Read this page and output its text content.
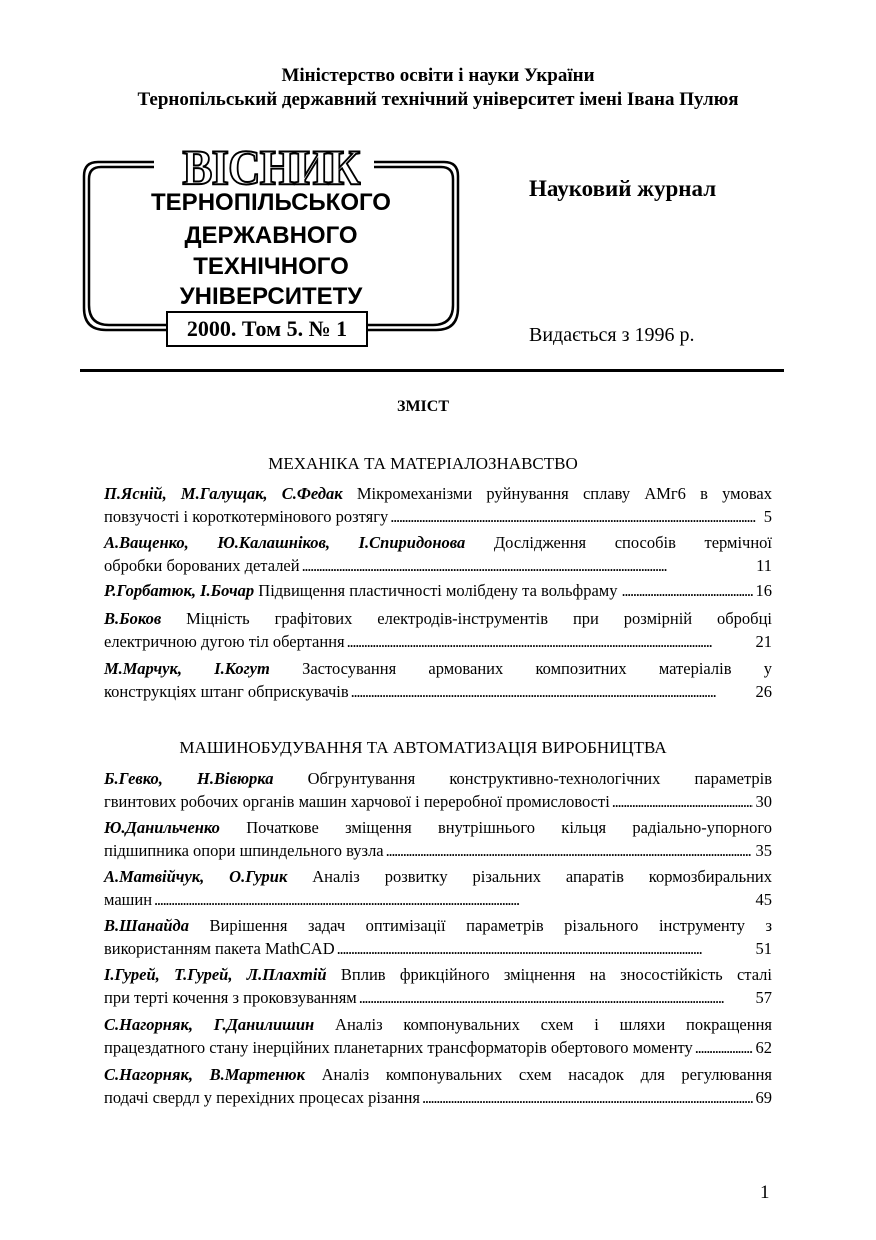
Міністерство освіти і науки України
Тернопільський державний технічний університет імені Івана Пулюя
ВІСНИК
ТЕРНОПІЛЬСЬКОГО
ДЕРЖАВНОГО
ТЕХНІЧНОГО
УНІВЕРСИТЕТУ
2000. Том 5. № 1
Науковий журнал
Видається з 1996 р.
ЗМІСТ
МЕХАНІКА ТА МАТЕРІАЛОЗНАВСТВО
П.Ясній, М.Галущак, С.Федак Мікромеханізми руйнування сплаву АМг6 в умовах
повзучості і короткотермінового розтягу . . .	5
А.Ващенко, Ю.Калашніков, І.Спиридонова Дослідження способів термічної
обробки борованих деталей . . .	11
Р.Горбатюк, І.Бочар
Підвищення пластичності молібдену та вольфраму . . .	16
В.Боков Міцність графітових електродів-інструментів при розмірній обробці
електричною дугою тіл обертання . . .	21
М.Марчук, І.Когут Застосування армованих композитних матеріалів у
конструкціях штанг обприскувачів . . .	26
МАШИНОБУДУВАННЯ ТА АВТОМАТИЗАЦІЯ ВИРОБНИЦТВА
Б.Гевко, Н.Вівюрка Обгрунтування конструктивно-технологічних параметрів
гвинтових робочих органів машин харчової і переробної промисловості . . .	30
Ю.Данильченко Початкове зміщення внутрішнього кільця радіально-упорного
підшипника опори шпиндельного вузла . . .	35
А.Матвійчук, О.Гурик Аналіз розвитку різальних апаратів кормозбиральних
машин . . .	45
В.Шанайда Вирішення задач оптимізації параметрів різального інструменту з
використанням пакета MathCAD . . .	51
І.Гурей, Т.Гурей, Л.Плахтій Вплив фрикційного зміцнення на зносостійкість сталі
при терті кочення з проковзуванням . . .	57
С.Нагорняк, Г.Данилишин Аналіз компонувальних схем і шляхи покращення
працездатного стану інерційних планетарних трансформаторів обертового моменту . . .	62
С.Нагорняк, В.Мартенюк Аналіз компонувальних схем насадок для регулювання
подачі свердл у перехідних процесах різання . . .	69
1
